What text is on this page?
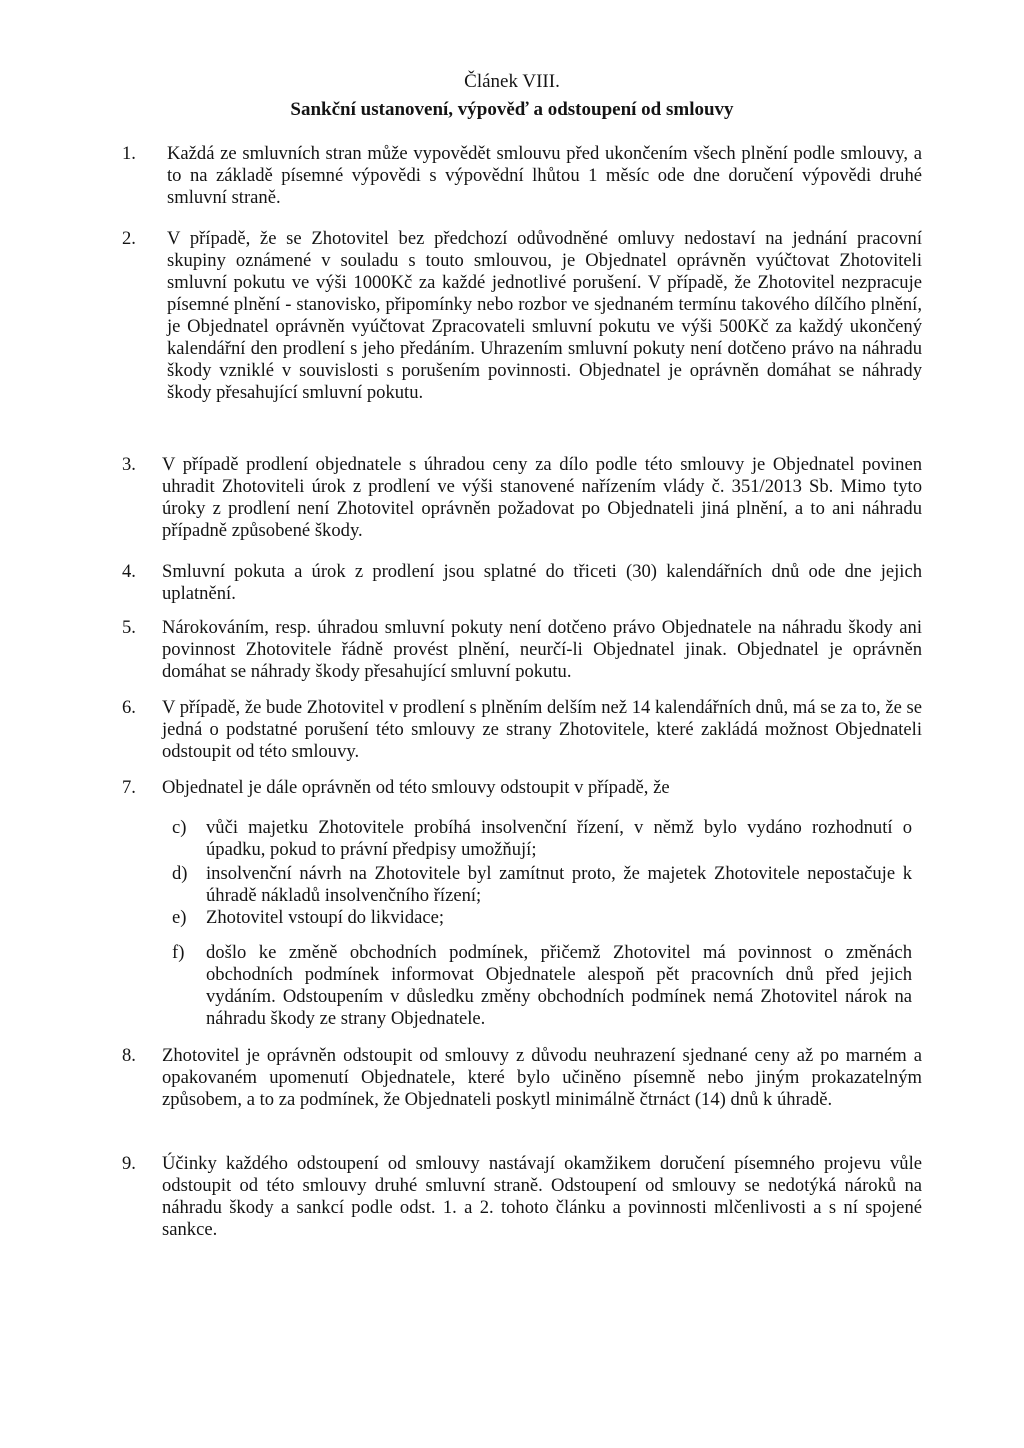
Článek VIII.
Sankční ustanovení, výpověď a odstoupení od smlouvy
1.	Každá ze smluvních stran může vypovědět smlouvu před ukončením všech plnění podle smlouvy, a to na základě písemné výpovědi s výpovědní lhůtou 1 měsíc ode dne doručení výpovědi druhé smluvní straně.
2.	V případě, že se Zhotovitel bez předchozí odůvodněné omluvy nedostaví na jednání pracovní skupiny oznámené v souladu s touto smlouvou, je Objednatel oprávněn vyúčtovat Zhotoviteli smluvní pokutu ve výši 1000Kč za každé jednotlivé porušení. V případě, že Zhotovitel nezpracuje písemné plnění - stanovisko, připomínky nebo rozbor ve sjednaném termínu takového dílčího plnění, je Objednatel oprávněn vyúčtovat Zpracovateli smluvní pokutu ve výši 500Kč za každý ukončený kalendářní den prodlení s jeho předáním. Uhrazením smluvní pokuty není dotčeno právo na náhradu škody vzniklé v souvislosti s porušením povinnosti. Objednatel je oprávněn domáhat se náhrady škody přesahující smluvní pokutu.
3.	V případě prodlení objednatele s úhradou ceny za dílo podle této smlouvy je Objednatel povinen uhradit Zhotoviteli úrok z prodlení ve výši stanovené nařízením vlády č. 351/2013 Sb. Mimo tyto úroky z prodlení není Zhotovitel oprávněn požadovat po Objednateli jiná plnění, a to ani náhradu případně způsobené škody.
4.	Smluvní pokuta a úrok z prodlení jsou splatné do třiceti (30) kalendářních dnů ode dne jejich uplatnění.
5.	Nárokováním, resp. úhradou smluvní pokuty není dotčeno právo Objednatele na náhradu škody ani povinnost Zhotovitele řádně provést plnění, neurčí-li Objednatel jinak. Objednatel je oprávněn domáhat se náhrady škody přesahující smluvní pokutu.
6.	V případě, že bude Zhotovitel v prodlení s plněním delším než 14 kalendářních dnů, má se za to, že se jedná o podstatné porušení této smlouvy ze strany Zhotovitele, které zakládá možnost Objednateli odstoupit od této smlouvy.
7.	Objednatel je dále oprávněn od této smlouvy odstoupit v případě, že
c)	vůči majetku Zhotovitele probíhá insolvenční řízení, v němž bylo vydáno rozhodnutí o úpadku, pokud to právní předpisy umožňují;
d) insolvenční návrh na Zhotovitele byl zamítnut proto, že majetek Zhotovitele nepostačuje k úhradě nákladů insolvenčního řízení;
e)	Zhotovitel vstoupí do likvidace;
f)	došlo ke změně obchodních podmínek, přičemž Zhotovitel má povinnost o změnách obchodních podmínek informovat Objednatele alespoň pět pracovních dnů před jejich vydáním. Odstoupením v důsledku změny obchodních podmínek nemá Zhotovitel nárok na náhradu škody ze strany Objednatele.
8.	Zhotovitel je oprávněn odstoupit od smlouvy z důvodu neuhrazení sjednané ceny až po marném a opakovaném upomenutí Objednatele, které bylo učiněno písemně nebo jiným prokazatelným způsobem, a to za podmínek, že Objednateli poskytl minimálně čtrnáct (14) dnů k úhradě.
9.	Účinky každého odstoupení od smlouvy nastávají okamžikem doručení písemného projevu vůle odstoupit od této smlouvy druhé smluvní straně. Odstoupení od smlouvy se nedotýká nároků na náhradu škody a sankcí podle odst. 1. a 2. tohoto článku a povinnosti mlčenlivosti a s ní spojené sankce.
